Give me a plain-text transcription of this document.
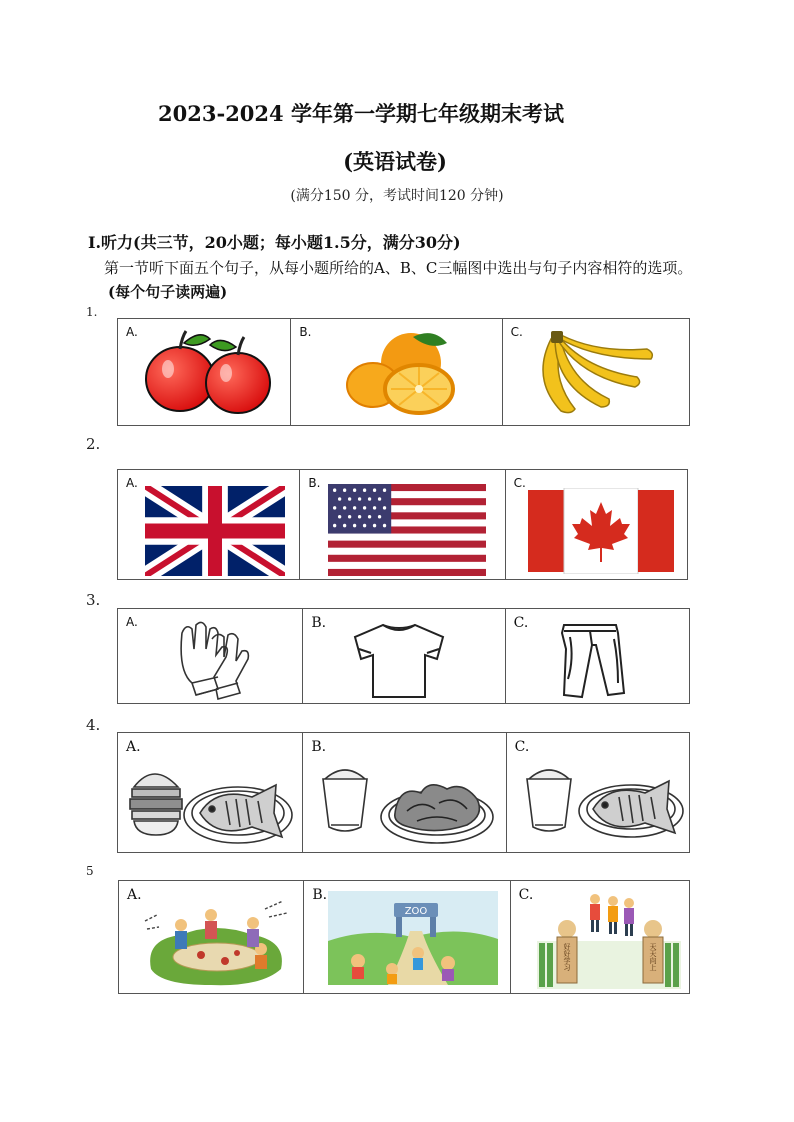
2023-2024 学年第一学期七年级期末考试
(英语试卷)
(满分150 分，考试时间120 分钟)
I.听力(共三节，20小题；每小题1.5分，满分30分)
第一节听下面五个句子，从每小题所给的A、B、C三幅图中选出与句子内容相符的选项。(每个句子读两遍)
1.
A.	B.	C.
2.
A.	B.	C.
3.
A.	B.	C.
4.
A.	B.	C.
5
A.	B.
ZOO
C.
好好学习	天天向上
